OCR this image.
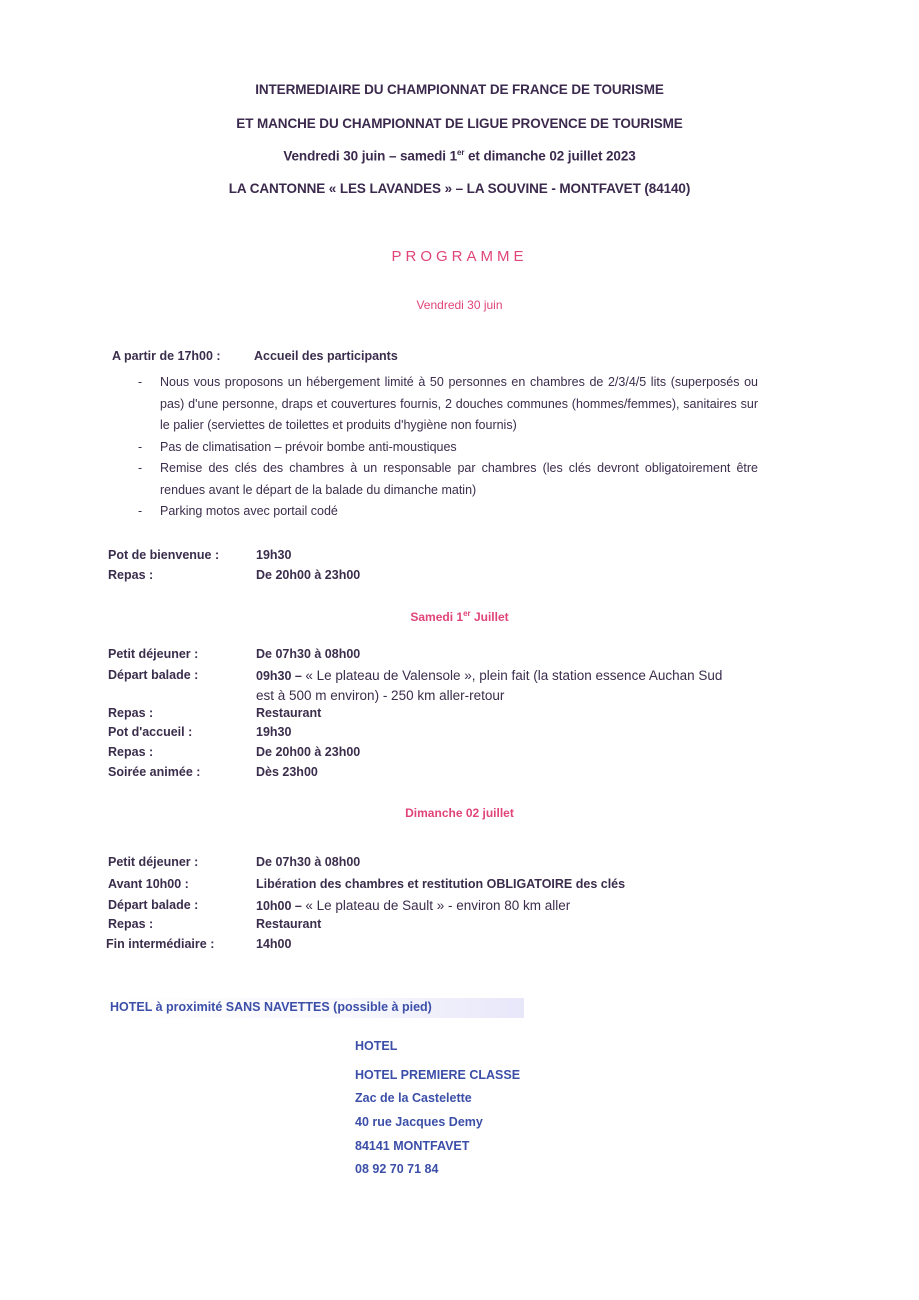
INTERMEDIAIRE DU CHAMPIONNAT DE FRANCE DE TOURISME
ET MANCHE DU CHAMPIONNAT DE LIGUE PROVENCE DE TOURISME
Vendredi 30 juin – samedi 1er et dimanche 02 juillet 2023
LA CANTONNE « LES LAVANDES » – LA SOUVINE - MONTFAVET (84140)
PROGRAMME
Vendredi 30 juin
A partir de 17h00 :	Accueil des participants
- Nous vous proposons un hébergement limité à 50 personnes en chambres de 2/3/4/5 lits (superposés ou pas) d'une personne, draps et couvertures fournis, 2 douches communes (hommes/femmes), sanitaires sur le palier (serviettes de toilettes et produits d'hygiène non fournis)
- Pas de climatisation – prévoir bombe anti-moustiques
- Remise des clés des chambres à un responsable par chambres (les clés devront obligatoirement être rendues avant le départ de la balade du dimanche matin)
- Parking motos avec portail codé
Pot de bienvenue :	19h30
Repas :	De 20h00 à 23h00
Samedi 1er Juillet
Petit déjeuner :	De 07h30 à 08h00
Départ balade :	09h30 – « Le plateau de Valensole », plein fait (la station essence Auchan Sud
est à 500 m environ) - 250 km aller-retour
Repas :	Restaurant
Pot d'accueil :	19h30
Repas :	De 20h00 à 23h00
Soirée animée :	Dès 23h00
Dimanche 02 juillet
Petit déjeuner :	De 07h30 à 08h00
Avant 10h00 :	Libération des chambres et restitution OBLIGATOIRE des clés
Départ balade :	10h00 – « Le plateau de Sault » - environ 80 km aller
Repas :	Restaurant
Fin intermédiaire :	14h00
HOTEL à proximité SANS NAVETTES (possible à pied)
HOTEL
HOTEL PREMIERE CLASSE
Zac de la Castelette
40 rue Jacques Demy
84141 MONTFAVET
08 92 70 71 84
